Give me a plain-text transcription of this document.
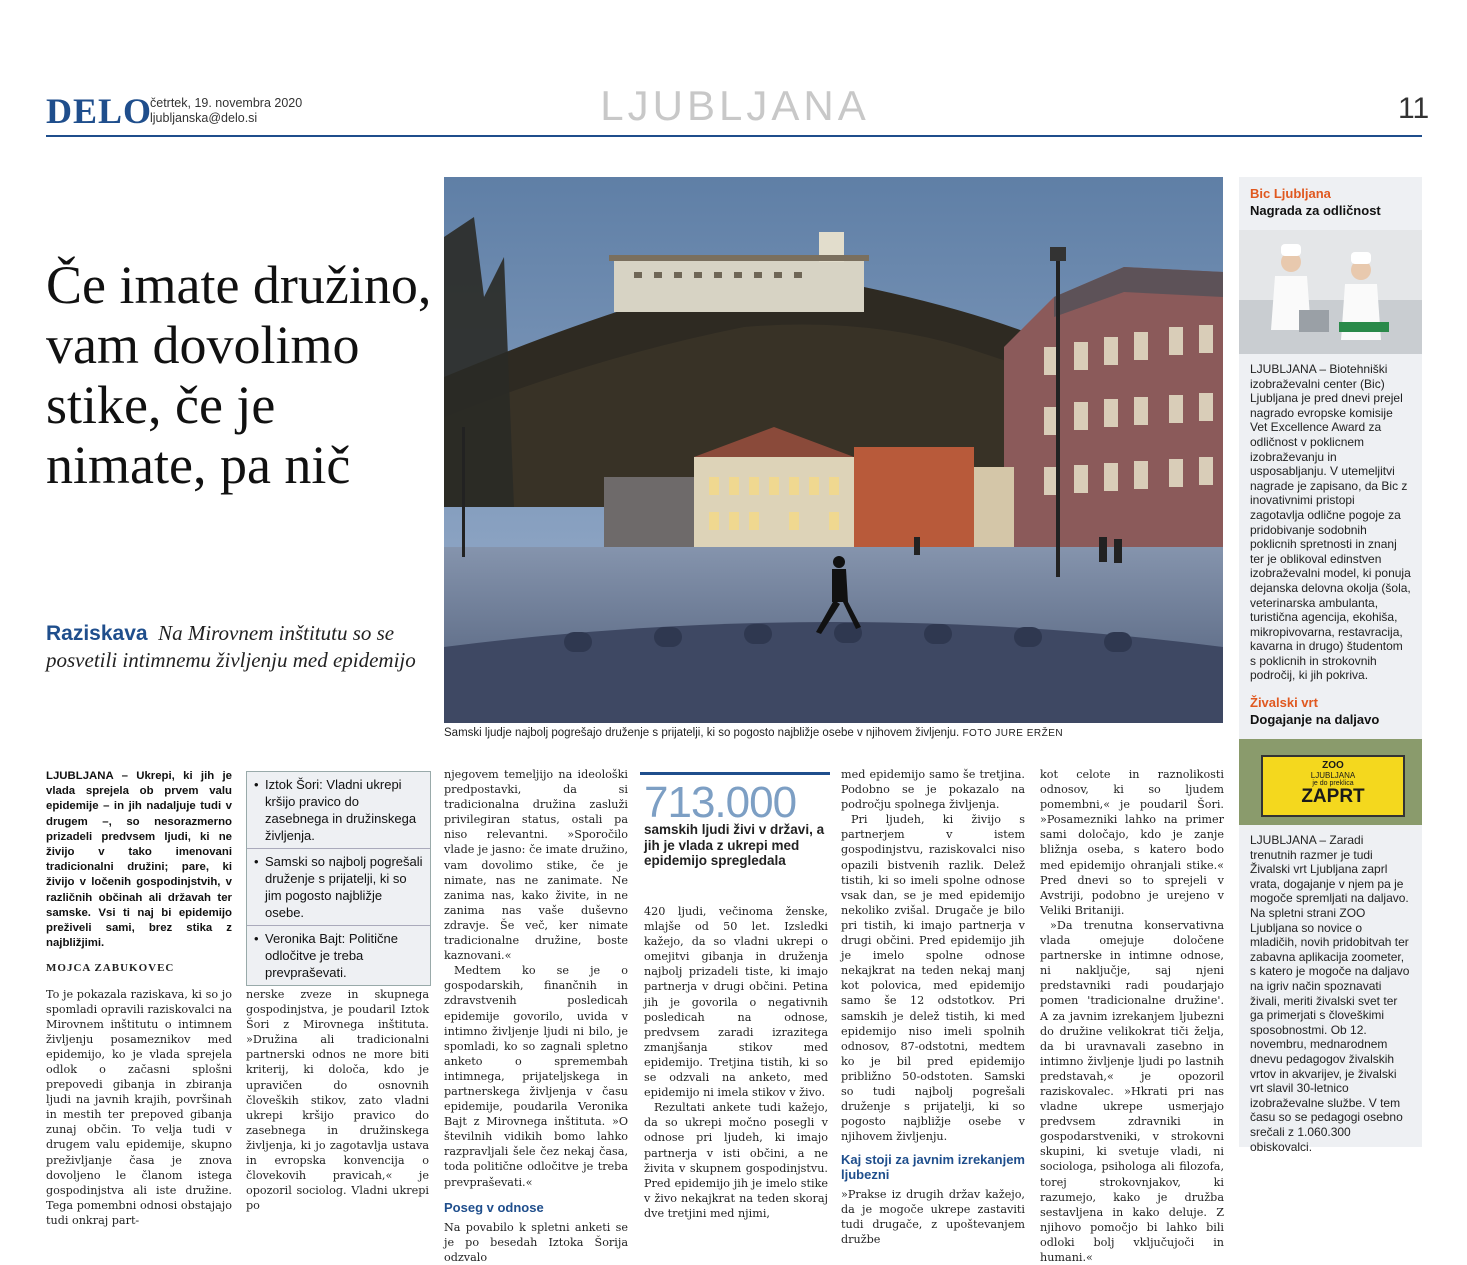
DELO
četrtek, 19. novembra 2020
ljubljanska@delo.si	LJUBLJANA	11
Če imate družino, vam dovolimo stike, če je nimate, pa nič
Raziskava Na Mirovnem inštitutu so se posvetili intimnemu življenju med epidemijo
Samski ljudje najbolj pogrešajo druženje s prijatelji, ki so pogosto najbližje osebe v njihovem življenju. FOTO JURE ERŽEN
LJUBLJANA – Ukrepi, ki jih je vlada sprejela ob prvem valu epidemije – in jih nadaljuje tudi v drugem –, so nesorazmerno prizadeli predvsem ljudi, ki ne živijo v tako imenovani tradicionalni družini; pare, ki živijo v ločenih gospodinjstvih, v različnih občinah ali državah ter samske. Vsi ti naj bi epidemijo preživeli sami, brez stika z najbližjimi.
MOJCA ZABUKOVEC
To je pokazala raziskava, ki so jo spomladi opravili raziskovalci na Mirovnem inštitutu o intimnem življenju posameznikov med epidemijo, ko je vlada sprejela odlok o začasni splošni prepovedi gibanja in zbiranja ljudi na javnih krajih, površinah in mestih ter prepoved gibanja zunaj občin. To velja tudi v drugem valu epidemije, skupno preživljanje časa je znova dovoljeno le članom istega gospodinjstva ali iste družine. Tega pomembni odnosi obstajajo tudi onkraj part-
• Iztok Šori: Vladni ukrepi kršijo pravico do zasebnega in družinskega življenja.
• Samski so najbolj pogrešali druženje s prijatelji, ki so jim pogosto najbližje osebe.
• Veronika Bajt: Politične odločitve je treba prevpraševati.
nerske zveze in skupnega gospodinjstva, je poudaril Iztok Šori z Mirovnega inštituta. »Družina ali tradicionalni partnerski odnos ne more biti kriterij, ki določa, kdo je upravičen do osnovnih človeških stikov, zato vladni ukrepi kršijo pravico do zasebnega in družinskega življenja, ki jo zagotavlja ustava in evropska konvencija o človekovih pravicah,« je opozoril sociolog. Vladni ukrepi po
njegovem temeljijo na ideološki predpostavki, da si tradicionalna družina zasluži privilegiran status, ostali pa niso relevantni. »Sporočilo vlade je jasno: če imate družino, vam dovolimo stike, če je nimate, nas ne zanimate. Ne zanima nas, kako živite, in ne zanima nas vaše duševno zdravje. Še več, ker nimate tradicionalne družine, boste kaznovani.«
Medtem ko se je o gospodarskih, finančnih in zdravstvenih posledicah epidemije govorilo, uvida v intimno življenje ljudi ni bilo, je spomladi, ko so zagnali spletno anketo o spremembah intimnega, prijateljskega in partnerskega življenja v času epidemije, poudarila Veronika Bajt z Mirovnega inštituta. »O številnih vidikih bomo lahko razpravljali šele čez nekaj časa, toda politične odločitve je treba prevpraševati.«
Poseg v odnose
Na povabilo k spletni anketi se je po besedah Iztoka Šorija odzvalo
713.000
samskih ljudi živi v državi, a jih je vlada z ukrepi med epidemijo spregledala
420 ljudi, večinoma ženske, mlajše od 50 let. Izsledki kažejo, da so vladni ukrepi o omejitvi gibanja in druženja najbolj prizadeli tiste, ki imajo partnerja v drugi občini. Petina jih je govorila o negativnih posledicah na odnose, predvsem zaradi izrazitega zmanjšanja stikov med epidemijo. Tretjina tistih, ki so se odzvali na anketo, med epidemijo ni imela stikov v živo.
Rezultati ankete tudi kažejo, da so ukrepi močno posegli v odnose pri ljudeh, ki imajo partnerja v isti občini, a ne živita v skupnem gospodinjstvu. Pred epidemijo jih je imelo stike v živo nekajkrat na teden skoraj dve tretjini med njimi,
med epidemijo samo še tretjina. Podobno se je pokazalo na področju spolnega življenja.
Pri ljudeh, ki živijo s partnerjem v istem gospodinjstvu, raziskovalci niso opazili bistvenih razlik. Delež tistih, ki so imeli spolne odnose vsak dan, se je med epidemijo nekoliko zvišal. Drugače je bilo pri tistih, ki imajo partnerja v drugi občini. Pred epidemijo jih je imelo spolne odnose nekajkrat na teden nekaj manj kot polovica, med epidemijo samo še 12 odstotkov. Pri samskih je delež tistih, ki med epidemijo niso imeli spolnih odnosov, 87-odstotni, medtem ko je bil pred epidemijo približno 50-odstoten. Samski so tudi najbolj pogrešali druženje s prijatelji, ki so pogosto najbližje osebe v njihovem življenju.
Kaj stoji za javnim izrekanjem ljubezni
»Prakse iz drugih držav kažejo, da je mogoče ukrepe zastaviti tudi drugače, z upoštevanjem družbe
kot celote in raznolikosti odnosov, ki so ljudem pomembni,« je poudaril Šori. »Posamezniki lahko na primer sami določajo, kdo je zanje bližnja oseba, s katero bodo med epidemijo ohranjali stike.« Pred dnevi so to sprejeli v Avstriji, podobno je urejeno v Veliki Britaniji.
»Da trenutna konservativna vlada omejuje določene partnerske in intimne odnose, ni naključje, saj njeni predstavniki radi poudarjajo pomen 'tradicionalne družine'. A za javnim izrekanjem ljubezni do družine velikokrat tiči želja, da bi uravnavali zasebno in intimno življenje ljudi po lastnih predstavah,« je opozoril raziskovalec. »Hkrati pri nas vladne ukrepe usmerjajo predvsem zdravniki in gospodarstveniki, v strokovni skupini, ki svetuje vladi, ni sociologa, psihologa ali filozofa, torej strokovnjakov, ki razumejo, kako je družba sestavljena in kako deluje. Z njihovo pomočjo bi lahko bili odloki bolj vključujoči in humani.«
Bic Ljubljana
Nagrada za odličnost
LJUBLJANA – Biotehniški izobraževalni center (Bic) Ljubljana je pred dnevi prejel nagrado evropske komisije Vet Excellence Award za odličnost v poklicnem izobraževanju in usposabljanju. V utemeljitvi nagrade je zapisano, da Bic z inovativnimi pristopi zagotavlja odlične pogoje za pridobivanje sodobnih poklicnih spretnosti in znanj ter je oblikoval edinstven izobraževalni model, ki ponuja dejanska delovna okolja (šola, veterinarska ambulanta, turistična agencija, ekohiša, mikropivovarna, restavracija, kavarna in drugo) študentom s poklicnih in strokovnih področij, ki jih pokriva.
Živalski vrt
Dogajanje na daljavo
ZOO
LJUBLJANA
je do preklica
ZAPRT
LJUBLJANA – Zaradi trenutnih razmer je tudi Živalski vrt Ljubljana zaprl vrata, dogajanje v njem pa je mogoče spremljati na daljavo. Na spletni strani ZOO Ljubljana so novice o mladičih, novih pridobitvah ter zabavna aplikacija zoometer, s katero je mogoče na daljavo na igriv način spoznavati živali, meriti živalski svet ter ga primerjati s človeškimi sposobnostmi. Ob 12. novembru, mednarodnem dnevu pedagogov živalskih vrtov in akvarijev, je živalski vrt slavil 30-letnico izobraževalne službe. V tem času so se pedagogi osebno srečali z 1.060.300 obiskovalci.
